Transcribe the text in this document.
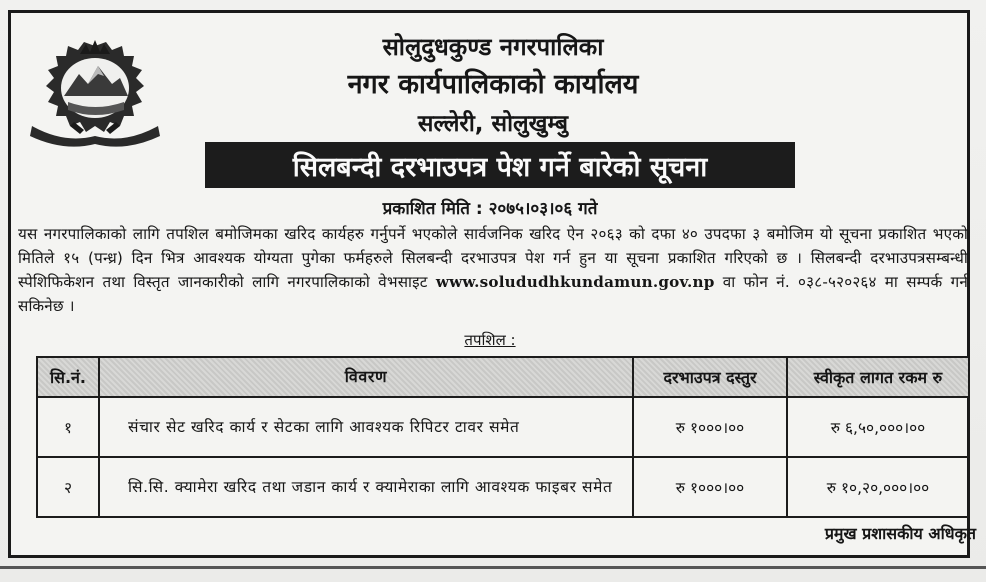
सोलुदुधकुण्ड नगरपालिका
नगर कार्यपालिकाको कार्यालय
सल्लेरी, सोलुखुम्बु
सिलबन्दी दरभाउपत्र पेश गर्ने बारेको सूचना
प्रकाशित मिति : २०७५।०३।०६ गते
यस नगरपालिकाको लागि तपशिल बमोजिमका खरिद कार्यहरु गर्नुपर्ने भएकोले सार्वजनिक खरिद ऐन २०६३ को दफा ४० उपदफा ३ बमोजिम यो सूचना प्रकाशित भएको मितिले १५ (पन्ध्र) दिन भित्र आवश्यक योग्यता पुगेका फर्महरुले सिलबन्दी दरभाउपत्र पेश गर्न हुन या सूचना प्रकाशित गरिएको छ । सिलबन्दी दरभाउपत्रसम्बन्धी स्पेशिफिकेशन तथा विस्तृत जानकारीको लागि नगरपालिकाको वेभसाइट www.solududhkundamun.gov.np वा फोन नं. ०३८-५२०२६४ मा सम्पर्क गर्न सकिनेछ ।
तपशिल :
सि.नं.	विवरण	दरभाउपत्र दस्तुर	स्वीकृत लागत रकम रु
१	संचार सेट खरिद कार्य र सेटका लागि आवश्यक रिपिटर टावर समेत	रु १०००।००	रु ६,५०,०००।००
२	सि.सि. क्यामेरा खरिद तथा जडान कार्य र क्यामेराका लागि आवश्यक फाइबर समेत	रु १०००।००	रु १०,२०,०००।००
प्रमुख प्रशासकीय अधिकृत
